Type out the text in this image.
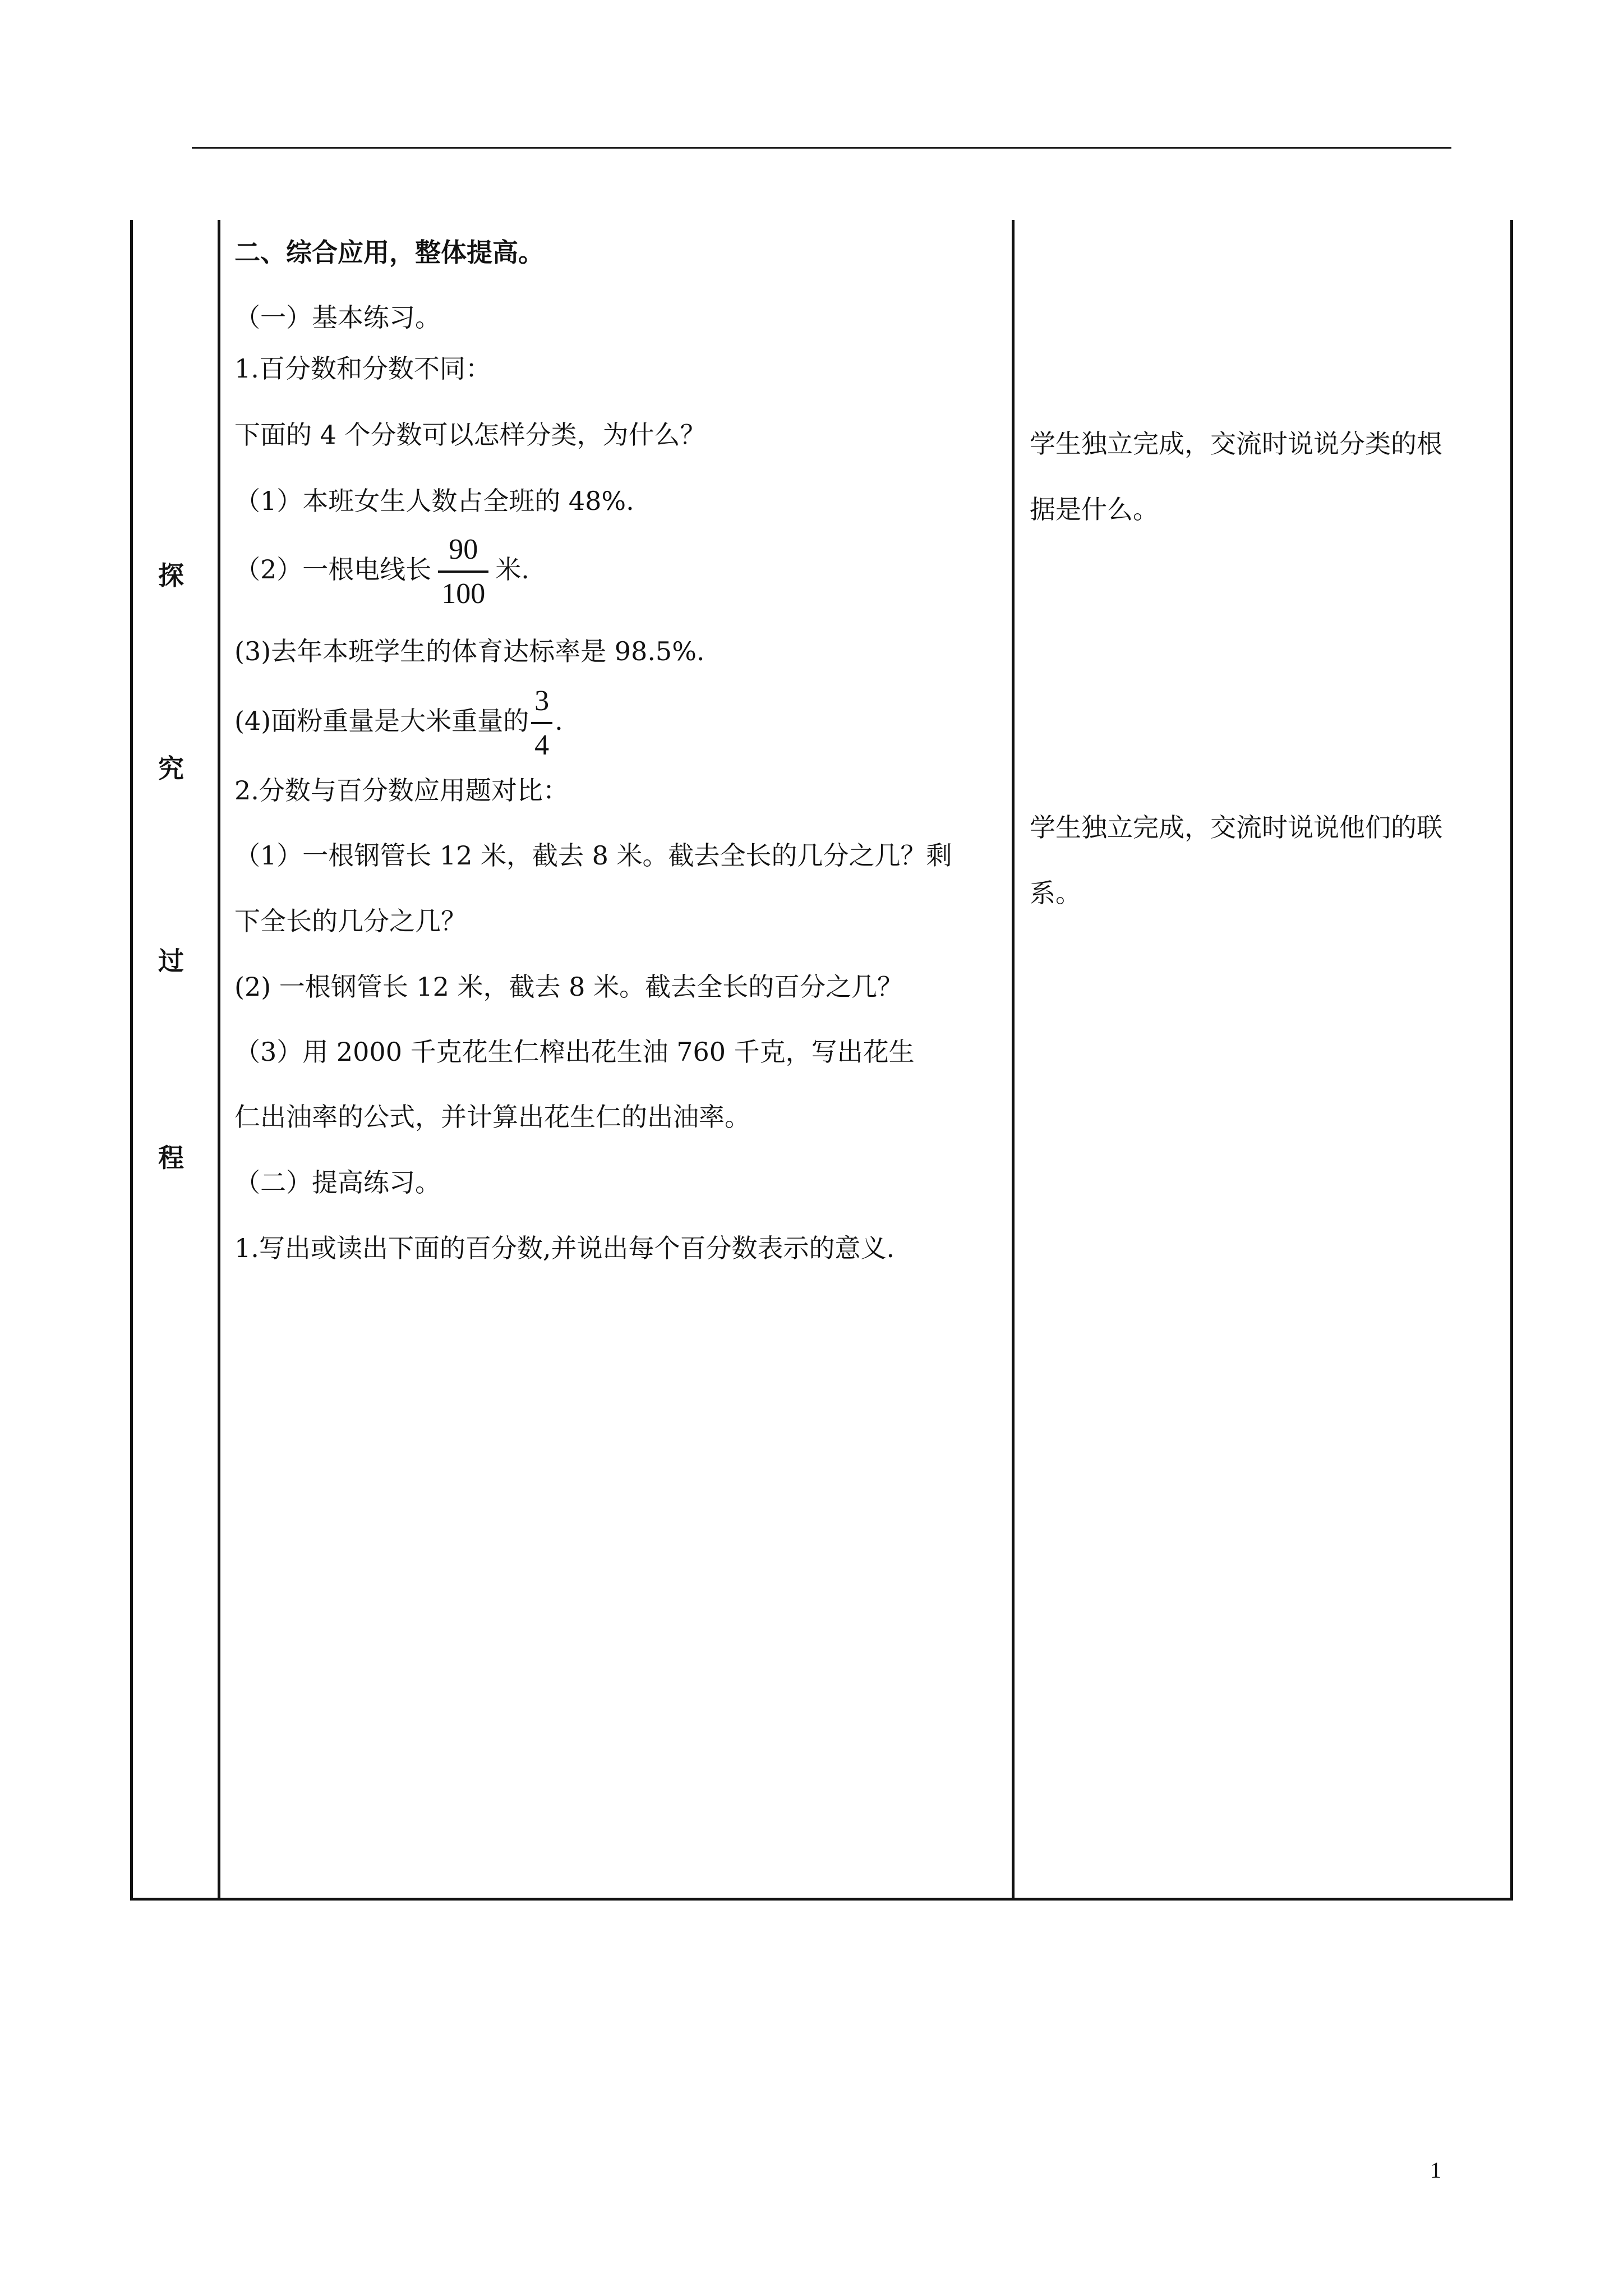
探
究
过
程
二、综合应用，整体提高。
（一）基本练习。
1.百分数和分数不同：
下面的 4 个分数可以怎样分类，为什么？
（1）本班女生人数占全班的 48%.
（2）一根电线长 $\frac{90}{100}$ 米.
(3)去年本班学生的体育达标率是 98.5%.
(4)面粉重量是大米重量的 $\frac{3}{4}$ .
2.分数与百分数应用题对比：
（1）一根钢管长 12 米，截去 8 米。截去全长的几分之几？剩
下全长的几分之几？
(2) 一根钢管长 12 米，截去 8 米。截去全长的百分之几？
（3）用 2000 千克花生仁榨出花生油 760 千克，写出花生
仁出油率的公式，并计算出花生仁的出油率。
（二）提高练习。
1.写出或读出下面的百分数,并说出每个百分数表示的意义.
学生独立完成，交流时说说分类的根
据是什么。
学生独立完成，交流时说说他们的联
系。
1
